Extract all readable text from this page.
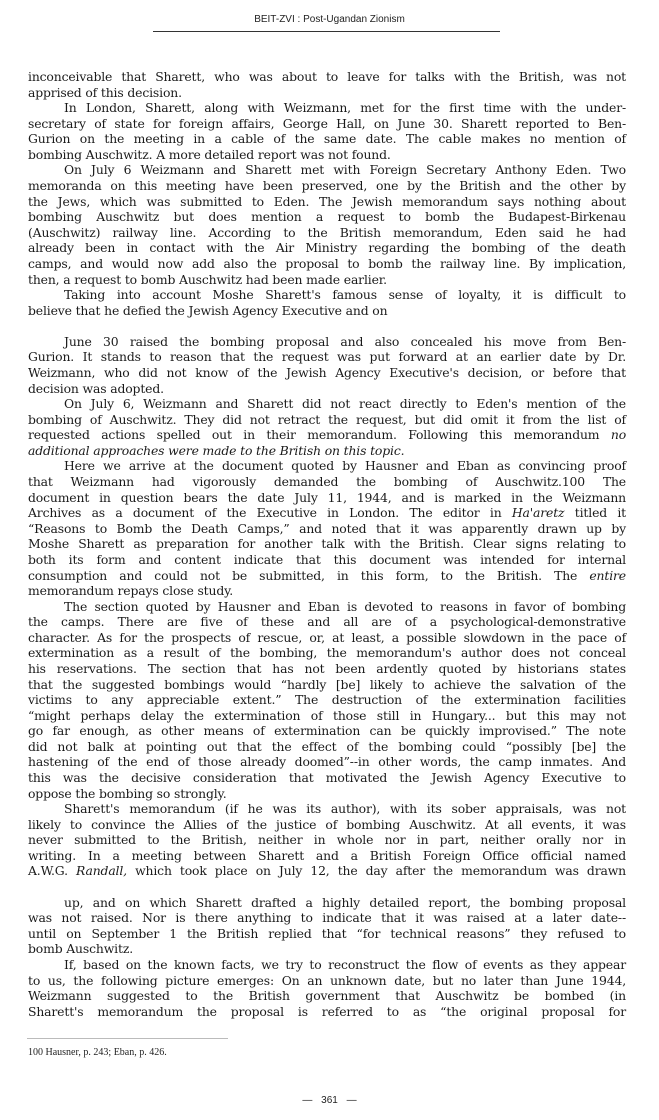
BEIT-ZVI : Post-Ugandan Zionism
inconceivable that Sharett, who was about to leave for talks with the British, was not
apprised of this decision.
In London, Sharett, along with Weizmann, met for the first time with the under-
secretary of state for foreign affairs, George Hall, on June 30. Sharett reported to Ben-
Gurion on the meeting in a cable of the same date. The cable makes no mention of
bombing Auschwitz. A more detailed report was not found.
On July 6 Weizmann and Sharett met with Foreign Secretary Anthony Eden. Two
memoranda on this meeting have been preserved, one by the British and the other by
the Jews, which was submitted to Eden. The Jewish memorandum says nothing about
bombing Auschwitz but does mention a request to bomb the Budapest-Birkenau
(Auschwitz) railway line. According to the British memorandum, Eden said he had
already been in contact with the Air Ministry regarding the bombing of the death
camps, and would now add also the proposal to bomb the railway line. By implication,
then, a request to bomb Auschwitz had been made earlier.
Taking into account Moshe Sharett's famous sense of loyalty, it is difficult to
believe that he defied the Jewish Agency Executive and on
June 30 raised the bombing proposal and also concealed his move from Ben-
Gurion. It stands to reason that the request was put forward at an earlier date by Dr.
Weizmann, who did not know of the Jewish Agency Executive's decision, or before that
decision was adopted.
On July 6, Weizmann and Sharett did not react directly to Eden's mention of the
bombing of Auschwitz. They did not retract the request, but did omit it from the list of
requested actions spelled out in their memorandum. Following this memorandum no
additional approaches were made to the British on this topic.
Here we arrive at the document quoted by Hausner and Eban as convincing proof
that Weizmann had vigorously demanded the bombing of Auschwitz.100 The
document in question bears the date July 11, 1944, and is marked in the Weizmann
Archives as a document of the Executive in London. The editor in Ha'aretz titled it
“Reasons to Bomb the Death Camps,” and noted that it was apparently drawn up by
Moshe Sharett as preparation for another talk with the British. Clear signs relating to
both its form and content indicate that this document was intended for internal
consumption and could not be submitted, in this form, to the British. The entire
memorandum repays close study.
The section quoted by Hausner and Eban is devoted to reasons in favor of bombing
the camps. There are five of these and all are of a psychological-demonstrative
character. As for the prospects of rescue, or, at least, a possible slowdown in the pace of
extermination as a result of the bombing, the memorandum's author does not conceal
his reservations. The section that has not been ardently quoted by historians states
that the suggested bombings would “hardly [be] likely to achieve the salvation of the
victims to any appreciable extent.” The destruction of the extermination facilities
“might perhaps delay the extermination of those still in Hungary... but this may not
go far enough, as other means of extermination can be quickly improvised.” The note
did not balk at pointing out that the effect of the bombing could “possibly [be] the
hastening of the end of those already doomed”--in other words, the camp inmates. And
this was the decisive consideration that motivated the Jewish Agency Executive to
oppose the bombing so strongly.
Sharett's memorandum (if he was its author), with its sober appraisals, was not
likely to convince the Allies of the justice of bombing Auschwitz. At all events, it was
never submitted to the British, neither in whole nor in part, neither orally nor in
writing. In a meeting between Sharett and a British Foreign Office official named
A.W.G. Randall, which took place on July 12, the day after the memorandum was drawn
up, and on which Sharett drafted a highly detailed report, the bombing proposal
was not raised. Nor is there anything to indicate that it was raised at a later date--
until on September 1 the British replied that “for technical reasons” they refused to
bomb Auschwitz.
If, based on the known facts, we try to reconstruct the flow of events as they appear
to us, the following picture emerges: On an unknown date, but no later than June 1944,
Weizmann suggested to the British government that Auschwitz be bombed (in
Sharett's memorandum the proposal is referred to as “the original proposal for
100 Hausner, p. 243; Eban, p. 426.
— 361 —
